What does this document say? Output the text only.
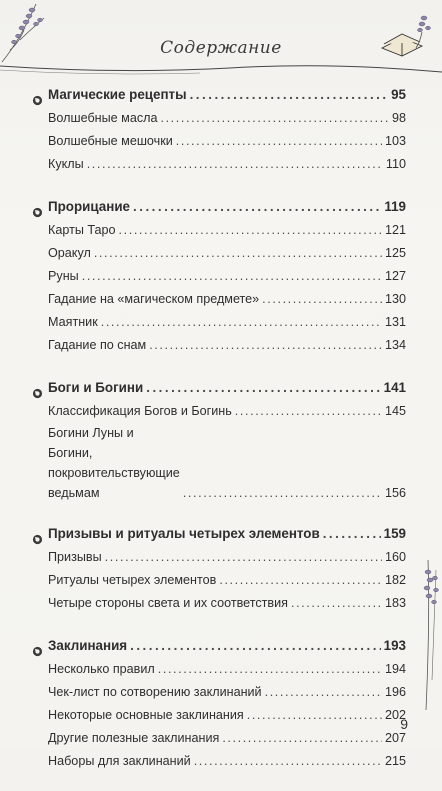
Содержание
Магические рецепты .....	95
Волшебные масла .....	98
Волшебные мешочки .....	103
Куклы .....	110
Прорицание .....	119
Карты Таро .....	121
Оракул .....	125
Руны .....	127
Гадание на «магическом предмете» .....	130
Маятник .....	131
Гадание по снам .....	134
Боги и Богини .....	141
Классификация Богов и Богинь .....	145
Богини Луны и Богини,
покровительствующие ведьмам .....	156
Призывы и ритуалы четырех элементов .....	159
Призывы .....	160
Ритуалы четырех элементов .....	182
Четыре стороны света и их соответствия .....	183
Заклинания .....	193
Несколько правил .....	194
Чек-лист по сотворению заклинаний .....	196
Некоторые основные заклинания .....	202
Другие полезные заклинания .....	207
Наборы для заклинаний .....	215
9
